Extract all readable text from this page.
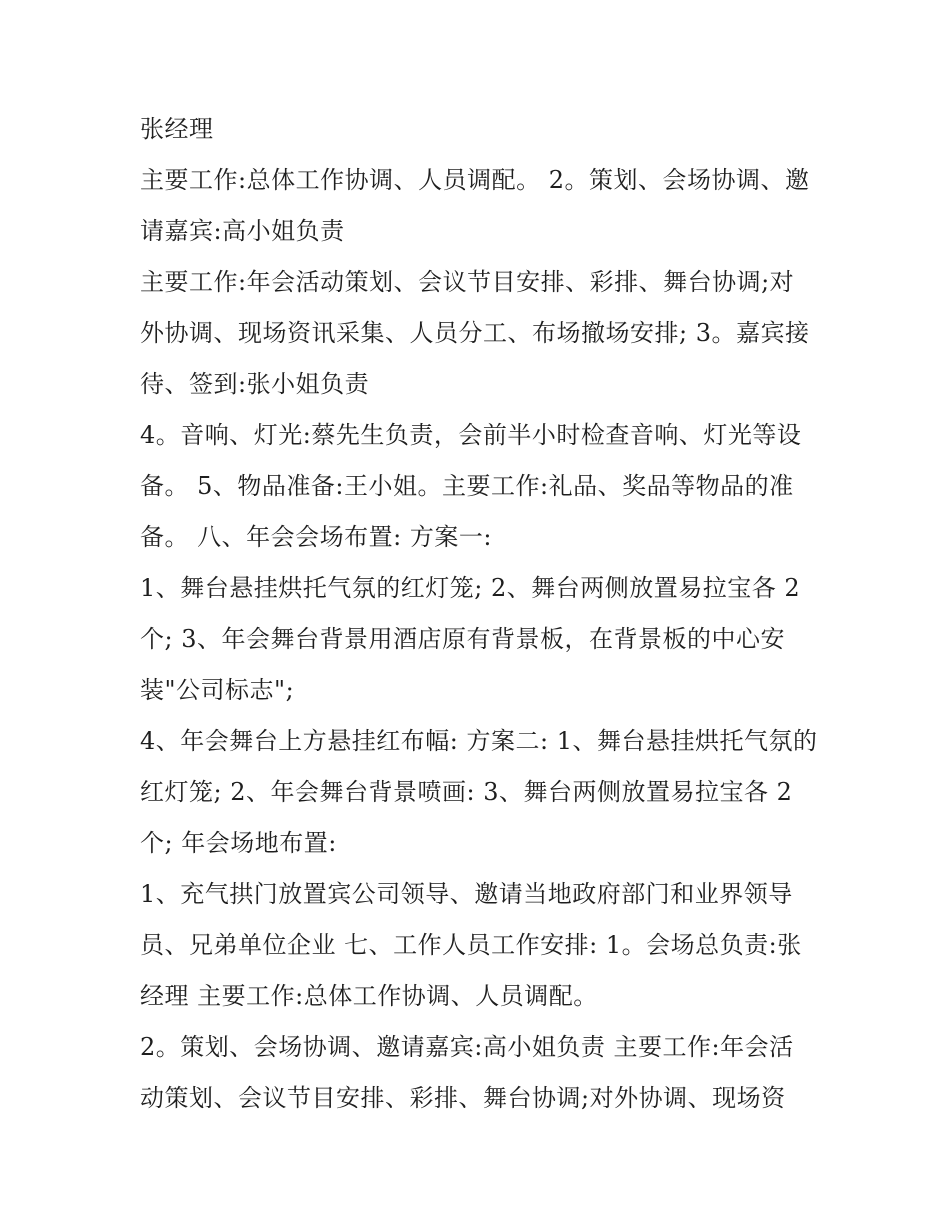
张经理
主要工作:总体工作协调、人员调配。 2。策划、会场协调、邀
请嘉宾:高小姐负责
主要工作:年会活动策划、会议节目安排、彩排、舞台协调;对
外协调、现场资讯采集、人员分工、布场撤场安排; 3。嘉宾接
待、签到:张小姐负责
4。音响、灯光:蔡先生负责，会前半小时检查音响、灯光等设
备。 5、物品准备:王小姐。主要工作:礼品、奖品等物品的准
备。 八、年会会场布置: 方案一:
1、舞台悬挂烘托气氛的红灯笼; 2、舞台两侧放置易拉宝各 2
个; 3、年会舞台背景用酒店原有背景板，在背景板的中心安
装"公司标志";
4、年会舞台上方悬挂红布幅: 方案二: 1、舞台悬挂烘托气氛的
红灯笼; 2、年会舞台背景喷画: 3、舞台两侧放置易拉宝各 2
个; 年会场地布置:
1、充气拱门放置宾公司领导、邀请当地政府部门和业界领导
员、兄弟单位企业 七、工作人员工作安排: 1。会场总负责:张
经理 主要工作:总体工作协调、人员调配。
2。策划、会场协调、邀请嘉宾:高小姐负责 主要工作:年会活
动策划、会议节目安排、彩排、舞台协调;对外协调、现场资
